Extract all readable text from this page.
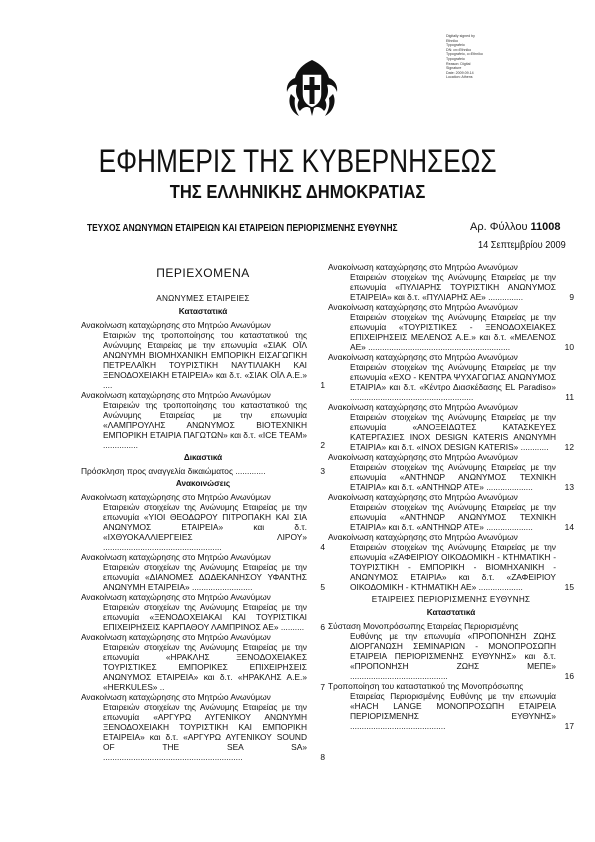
Digitally signed by
Ethniko
Typografeio
DN: cn=Ethniko
Typografeio, o=Ethniko
Typografeio
Reason: Digital
Signature
Date: 2009.09.14
Location: Athens
ΕΦΗΜΕΡΙΣ ΤΗΣ ΚΥΒΕΡΝΗΣΕΩΣ
ΤΗΣ ΕΛΛΗΝΙΚΗΣ ΔΗΜΟΚΡΑΤΙΑΣ
ΤΕΥΧΟΣ ΑΝΩΝΥΜΩΝ ΕΤΑΙΡΕΙΩΝ ΚΑΙ ΕΤΑΙΡΕΙΩΝ ΠΕΡΙΟΡΙΣΜΕΝΗΣ ΕΥΘΥΝΗΣ	Αρ. Φύλλου 11008
14 Σεπτεμβρίου 2009
ΠΕΡΙΕΧΟΜΕΝΑ
ΑΝΩΝΥΜΕΣ ΕΤΑΙΡΕΙΕΣ
Καταστατικά
Ανακοίνωση καταχώρησης στο Μητρώο Ανωνύμων
Εταιριών της τροποποίησης του καταστατικού της Ανώνυμης Εταιρείας με την επωνυμία «ΣΙΑΚ ΟΪΛ ΑΝΩΝΥΜΗ ΒΙΟΜΗΧΑΝΙΚΗ ΕΜΠΟΡΙΚΗ ΕΙΣΑΓΩΓΙΚΗ ΠΕΤΡΕΛΑΪΚΗ ΤΟΥΡΙΣΤΙΚΗ ΝΑΥΤΙΛΙΑΚΗ ΚΑΙ ΞΕΝΟΔΟΧΕΙΑΚΗ ΕΤΑΙΡΕΙΑ» και δ.τ. «ΣΙΑΚ ΟΪΛ Α.Ε.» ....	1
Ανακοίνωση καταχώρησης στο Μητρώο Ανωνύμων
Εταιρειών της τροποποίησης του καταστατικού της Ανώνυμης Εταιρείας με την επωνυμία «ΛΑΜΠΡΟΥΛΗΣ ΑΝΩΝΥΜΟΣ ΒΙΟΤΕΧΝΙΚΗ ΕΜΠΟΡΙΚΗ ΕΤΑΙΡΙΑ ΠΑΓΩΤΩΝ» και δ.τ. «ICE TEAM» ...............	2
Δικαστικά
Πρόσκληση προς αναγγελία δικαιώματος .............	3
Ανακοινώσεις
Ανακοίνωση καταχώρησης στο Μητρώο Ανωνύμων
Εταιρειών στοιχείων της Ανώνυμης Εταιρείας με την επωνυμία «ΥΙΟΙ ΘΕΟΔΩΡΟΥ ΠΙΤΡΟΠΑΚΗ ΚΑΙ ΣΙΑ ΑΝΩΝΥΜΟΣ ΕΤΑΙΡΕΙΑ» και δ.τ. «ΙΧΘΥΟΚΑΛΛΙΕΡΓΕΙΕΣ ΛΙΡΟΥ» ...................................................	4
Ανακοίνωση καταχώρησης στο Μητρώο Ανωνύμων
Εταιρειών στοιχείων της Ανώνυμης Εταιρείας με την επωνυμία «ΔΙΑΝΟΜΕΣ ΔΩΔΕΚΑΝΗΣΟΥ ΥΦΑΝΤΗΣ ΑΝΩΝΥΜΗ ΕΤΑΙΡΕΙΑ» ..........................	5
Ανακοίνωση καταχώρησης στο Μητρώο Ανωνύμων
Εταιρειών στοιχείων της Ανώνυμης Εταιρείας με την επωνυμία «ΞΕΝΟΔΟΧΕΙΑΚΑΙ ΚΑΙ ΤΟΥΡΙΣΤΙΚΑΙ ΕΠΙΧΕΙΡΗΣΕΙΣ ΚΑΡΠΑΘΟΥ ΛΑΜΠΡΙΝΟΣ ΑΕ» ..........	6
Ανακοίνωση καταχώρησης στο Μητρώο Ανωνύμων
Εταιρειών στοιχείων της Ανώνυμης Εταιρείας με την επωνυμία «ΗΡΑΚΛΗΣ ΞΕΝΟΔΟΧΕΙΑΚΕΣ ΤΟΥΡΙΣΤΙΚΕΣ ΕΜΠΟΡΙΚΕΣ ΕΠΙΧΕΙΡΗΣΕΙΣ ΑΝΩΝΥΜΟΣ ΕΤΑΙΡΕΙΑ» και δ.τ. «ΗΡΑΚΛΗΣ Α.Ε.» «HERKULES» ..	7
Ανακοίνωση καταχώρησης στο Μητρώο Ανωνύμων
Εταιρειών στοιχείων της Ανώνυμης Εταιρείας με την επωνυμία «ΑΡΓΥΡΩ ΑΥΓΕΝΙΚΟΥ ΑΝΩΝΥΜΗ ΞΕΝΟΔΟΧΕΙΑΚΗ ΤΟΥΡΙΣΤΙΚΗ ΚΑΙ ΕΜΠΟΡΙΚΗ ΕΤΑΙΡΕΙΑ» και δ.τ. «ΑΡΓΥΡΩ ΑΥΓΕΝΙΚΟΥ SOUND OF THE SEA SA» ............................................................	8
Ανακοίνωση καταχώρησης στο Μητρώο Ανωνύμων
Εταιρειών στοιχείων της Ανώνυμης Εταιρείας με την επωνυμία «ΠΥΛΙΑΡΗΣ ΤΟΥΡΙΣΤΙΚΗ ΑΝΩΝΥΜΟΣ ΕΤΑΙΡΕΙΑ» και δ.τ. «ΠΥΛΙΑΡΗΣ ΑΕ» ...............	9
Ανακοίνωση καταχώρησης στο Μητρώο Ανωνύμων
Εταιρειών στοιχείων της Ανώνυμης Εταιρείας με την επωνυμία «ΤΟΥΡΙΣΤΙΚΕΣ - ΞΕΝΟΔΟΧΕΙΑΚΕΣ ΕΠΙΧΕΙΡΗΣΕΙΣ ΜΕΛΕΝΟΣ Α.Ε.» και δ.τ. «ΜΕΛΕΝΟΣ ΑΕ» .............................................................	10
Ανακοίνωση καταχώρησης στο Μητρώο Ανωνύμων
Εταιρειών στοιχείων της Ανώνυμης Εταιρείας με την επωνυμία «ΕΧΟ - ΚΕΝΤΡΑ ΨΥΧΑΓΩΓΙΑΣ ΑΝΩΝΥΜΟΣ ΕΤΑΙΡΙΑ» και δ.τ. «Κέντρο Διασκέδασης EL Paradiso» .....................................................	11
Ανακοίνωση καταχώρησης στο Μητρώο Ανωνύμων
Εταιρειών στοιχείων της Ανώνυμης Εταιρείας με την επωνυμία «ΑΝΟΞΕΙΔΩΤΕΣ ΚΑΤΑΣΚΕΥΕΣ ΚΑΤΕΡΓΑΣΙΕΣ INOX DESIGN KATERIS ΑΝΩΝΥΜΗ ΕΤΑΙΡΙΑ» και δ.τ. «INOX DESIGN KATERIS» ............	12
Ανακοίνωση καταχώρησης στο Μητρώο Ανωνύμων
Εταιρειών στοιχείων της Ανώνυμης Εταιρείας με την επωνυμία «ΑΝΤΗΝΩΡ ΑΝΩΝΥΜΟΣ ΤΕΧΝΙΚΗ ΕΤΑΙΡΙΑ» και δ.τ. «ΑΝΤΗΝΩΡ ΑΤΕ» ....................	13
Ανακοίνωση καταχώρησης στο Μητρώο Ανωνύμων
Εταιρειών στοιχείων της Ανώνυμης Εταιρείας με την επωνυμία «ΑΝΤΗΝΩΡ ΑΝΩΝΥΜΟΣ ΤΕΧΝΙΚΗ ΕΤΑΙΡΙΑ» και δ.τ. «ΑΝΤΗΝΩΡ ΑΤΕ» ....................	14
Ανακοίνωση καταχώρησης στο Μητρώο Ανωνύμων
Εταιρειών στοιχείων της Ανώνυμης Εταιρείας με την επωνυμία «ΖΑΦΕΙΡΙΟΥ ΟΙΚΟΔΟΜΙΚΗ - ΚΤΗΜΑΤΙΚΗ - ΤΟΥΡΙΣΤΙΚΗ - ΕΜΠΟΡΙΚΗ - ΒΙΟΜΗΧΑΝΙΚΗ - ΑΝΩΝΥΜΟΣ ΕΤΑΙΡΙΑ» και δ.τ. «ΖΑΦΕΙΡΙΟΥ ΟΙΚΟΔΟΜΙΚΗ - ΚΤΗΜΑΤΙΚΗ ΑΕ» ...................	15
ΕΤΑΙΡΕΙΕΣ ΠΕΡΙΟΡΙΣΜΕΝΗΣ ΕΥΘΥΝΗΣ
Καταστατικά
Σύσταση Μονοπρόσωπης Εταιρείας Περιορισμένης
Ευθύνης με την επωνυμία «ΠΡΟΠΟΝΗΣΗ ΖΩΗΣ ΔΙΟΡΓΑΝΩΣΗ ΣΕΜΙΝΑΡΙΩΝ - ΜΟΝΟΠΡΟΣΩΠΗ ΕΤΑΙΡΕΙΑ ΠΕΡΙΟΡΙΣΜΕΝΗΣ ΕΥΘΥΝΗΣ» και δ.τ. «ΠΡΟΠΟΝΗΣΗ ΖΩΗΣ ΜΕΠΕ» ..........................................	16
Τροποποίηση του καταστατικού της Μονοπρόσωπης
Εταιρείας Περιορισμένης Ευθύνης με την επωνυμία «HACH LANGE ΜΟΝΟΠΡΟΣΩΠΗ ΕΤΑΙΡΕΙΑ ΠΕΡΙΟΡΙΣΜΕΝΗΣ ΕΥΘΥΝΗΣ» .........................................	17
